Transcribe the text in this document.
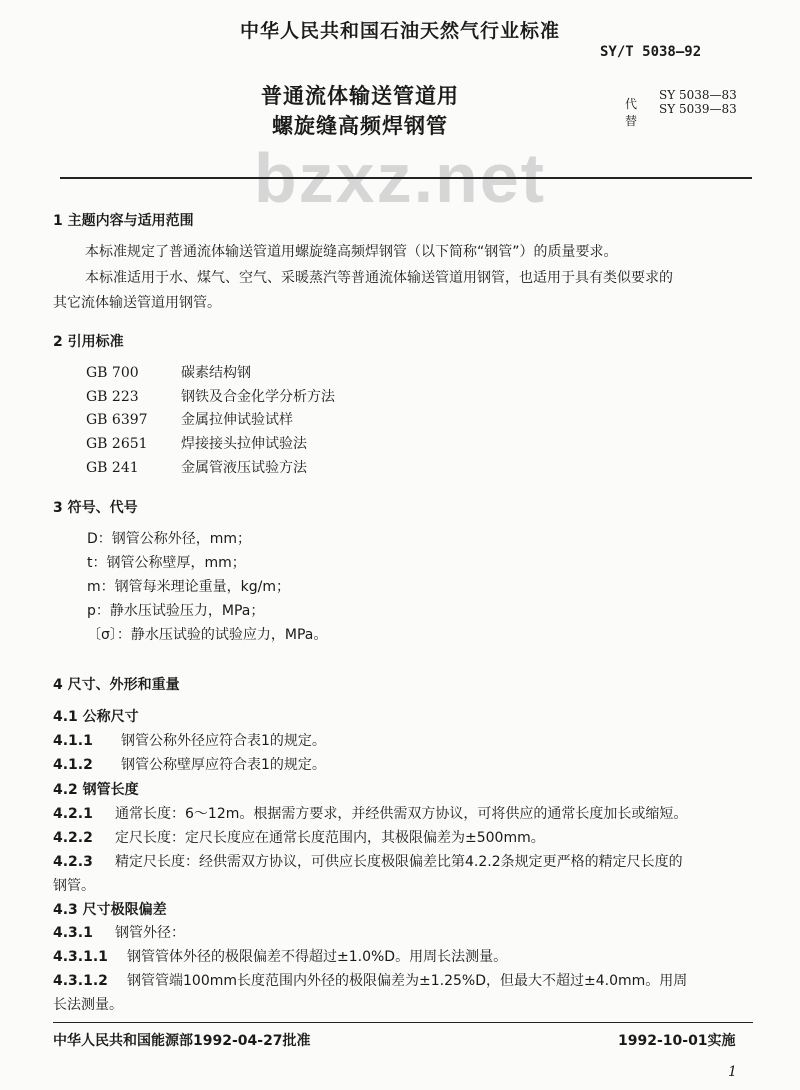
中华人民共和国石油天然气行业标准
SY/T 5038—92
普通流体输送管道用
螺旋缝高频焊钢管
代替
SY 5038—83
SY 5039—83
bzxz.net
1 主题内容与适用范围
本标准规定了普通流体输送管道用螺旋缝高频焊钢管（以下简称“钢管”）的质量要求。
本标准适用于水、煤气、空气、采暖蒸汽等普通流体输送管道用钢管，也适用于具有类似要求的
其它流体输送管道用钢管。
2 引用标准
GB 700	碳素结构钢
GB 223	钢铁及合金化学分析方法
GB 6397 金属拉伸试验试样
GB 2651 焊接接头拉伸试验法
GB 241	金属管液压试验方法
3 符号、代号
D：钢管公称外径，mm；
t：钢管公称壁厚，mm；
m：钢管每米理论重量，kg/m；
p：静水压试验压力，MPa；
〔σ〕：静水压试验的试验应力，MPa。
4 尺寸、外形和重量
4.1 公称尺寸
4.1.1 钢管公称外径应符合表1的规定。
4.1.2 钢管公称壁厚应符合表1的规定。
4.2 钢管长度
4.2.1 通常长度：6～12m。根据需方要求，并经供需双方协议，可将供应的通常长度加长或缩短。
4.2.2 定尺长度：定尺长度应在通常长度范围内，其极限偏差为±500mm。
4.2.3 精定尺长度：经供需双方协议，可供应长度极限偏差比第4.2.2条规定更严格的精定尺长度的
钢管。
4.3 尺寸极限偏差
4.3.1 钢管外径：
4.3.1.1 钢管管体外径的极限偏差不得超过±1.0%D。用周长法测量。
4.3.1.2 钢管管端100mm长度范围内外径的极限偏差为±1.25%D，但最大不超过±4.0mm。用周
长法测量。
中华人民共和国能源部1992-04-27批准	1992-10-01实施
1
